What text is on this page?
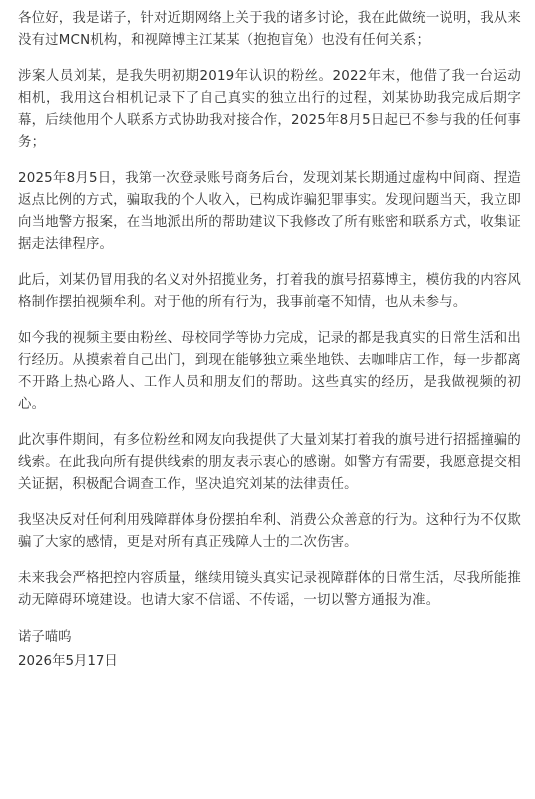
各位好，我是诺子，针对近期网络上关于我的诸多讨论，我在此做统一说明，我从来没有过MCN机构，和视障博主江某某（抱抱盲兔）也没有任何关系；

涉案人员刘某，是我失明初期2019年认识的粉丝。2022年末，他借了我一台运动相机，我用这台相机记录下了自己真实的独立出行的过程，刘某协助我完成后期字幕，后续他用个人联系方式协助我对接合作，2025年8月5日起已不参与我的任何事务；

2025年8月5日，我第一次登录账号商务后台，发现刘某长期通过虚构中间商、捏造返点比例的方式，骗取我的个人收入，已构成诈骗犯罪事实。发现问题当天，我立即向当地警方报案，在当地派出所的帮助建议下我修改了所有账密和联系方式，收集证据走法律程序。

此后，刘某仍冒用我的名义对外招揽业务，打着我的旗号招募博主，模仿我的内容风格制作摆拍视频牟利。对于他的所有行为，我事前毫不知情，也从未参与。

如今我的视频主要由粉丝、母校同学等协力完成，记录的都是我真实的日常生活和出行经历。从摸索着自己出门，到现在能够独立乘坐地铁、去咖啡店工作，每一步都离不开路上热心路人、工作人员和朋友们的帮助。这些真实的经历，是我做视频的初心。

此次事件期间，有多位粉丝和网友向我提供了大量刘某打着我的旗号进行招摇撞骗的线索。在此我向所有提供线索的朋友表示衷心的感谢。如警方有需要，我愿意提交相关证据，积极配合调查工作，坚决追究刘某的法律责任。

我坚决反对任何利用残障群体身份摆拍牟利、消费公众善意的行为。这种行为不仅欺骗了大家的感情，更是对所有真正残障人士的二次伤害。

未来我会严格把控内容质量，继续用镜头真实记录视障群体的日常生活，尽我所能推动无障碍环境建设。也请大家不信谣、不传谣，一切以警方通报为准。

诺子喵呜

2026年5月17日
